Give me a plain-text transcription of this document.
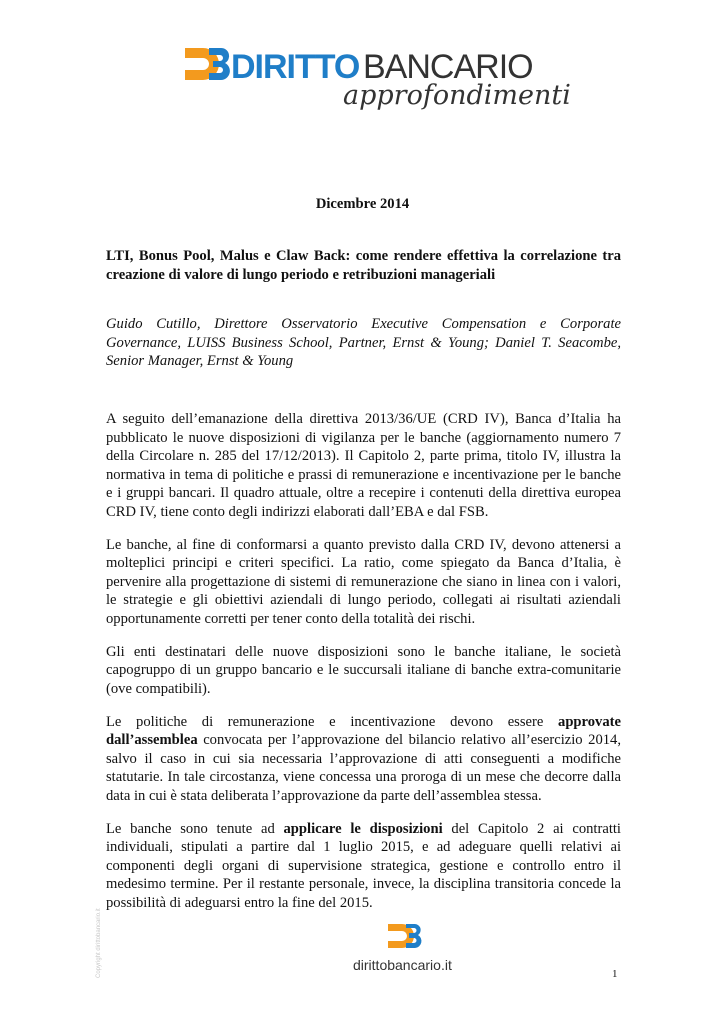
DIRITTO BANCARIO
approfondimenti
Dicembre 2014

LTI, Bonus Pool, Malus e Claw Back: come rendere effettiva la correlazione tra creazione di valore di lungo periodo e retribuzioni manageriali

Guido Cutillo, Direttore Osservatorio Executive Compensation e Corporate Governance, LUISS Business School, Partner, Ernst & Young; Daniel T. Seacombe, Senior Manager, Ernst & Young

A seguito dell’emanazione della direttiva 2013/36/UE (CRD IV), Banca d’Italia ha pubblicato le nuove disposizioni di vigilanza per le banche (aggiornamento numero 7 della Circolare n. 285 del 17/12/2013). Il Capitolo 2, parte prima, titolo IV, illustra la normativa in tema di politiche e prassi di remunerazione e incentivazione per le banche e i gruppi bancari. Il quadro attuale, oltre a recepire i contenuti della direttiva europea CRD IV, tiene conto degli indirizzi elaborati dall’EBA e dal FSB.

Le banche, al fine di conformarsi a quanto previsto dalla CRD IV, devono attenersi a molteplici principi e criteri specifici. La ratio, come spiegato da Banca d’Italia, è pervenire alla progettazione di sistemi di remunerazione che siano in linea con i valori, le strategie e gli obiettivi aziendali di lungo periodo, collegati ai risultati aziendali opportunamente corretti per tener conto della totalità dei rischi.

Gli enti destinatari delle nuove disposizioni sono le banche italiane, le società capogruppo di un gruppo bancario e le succursali italiane di banche extra-comunitarie (ove compatibili).

Le politiche di remunerazione e incentivazione devono essere approvate dall’assemblea convocata per l’approvazione del bilancio relativo all’esercizio 2014, salvo il caso in cui sia necessaria l’approvazione di atti conseguenti a modifiche statutarie. In tale circostanza, viene concessa una proroga di un mese che decorre dalla data in cui è stata deliberata l’approvazione da parte dell’assemblea stessa.

Le banche sono tenute ad applicare le disposizioni del Capitolo 2 ai contratti individuali, stipulati a partire dal 1 luglio 2015, e ad adeguare quelli relativi ai componenti degli organi di supervisione strategica, gestione e controllo entro il medesimo termine. Per il restante personale, invece, la disciplina transitoria concede la possibilità di adeguarsi entro la fine del 2015.

Copyright dirittobancario.it	dirittobancario.it
1
